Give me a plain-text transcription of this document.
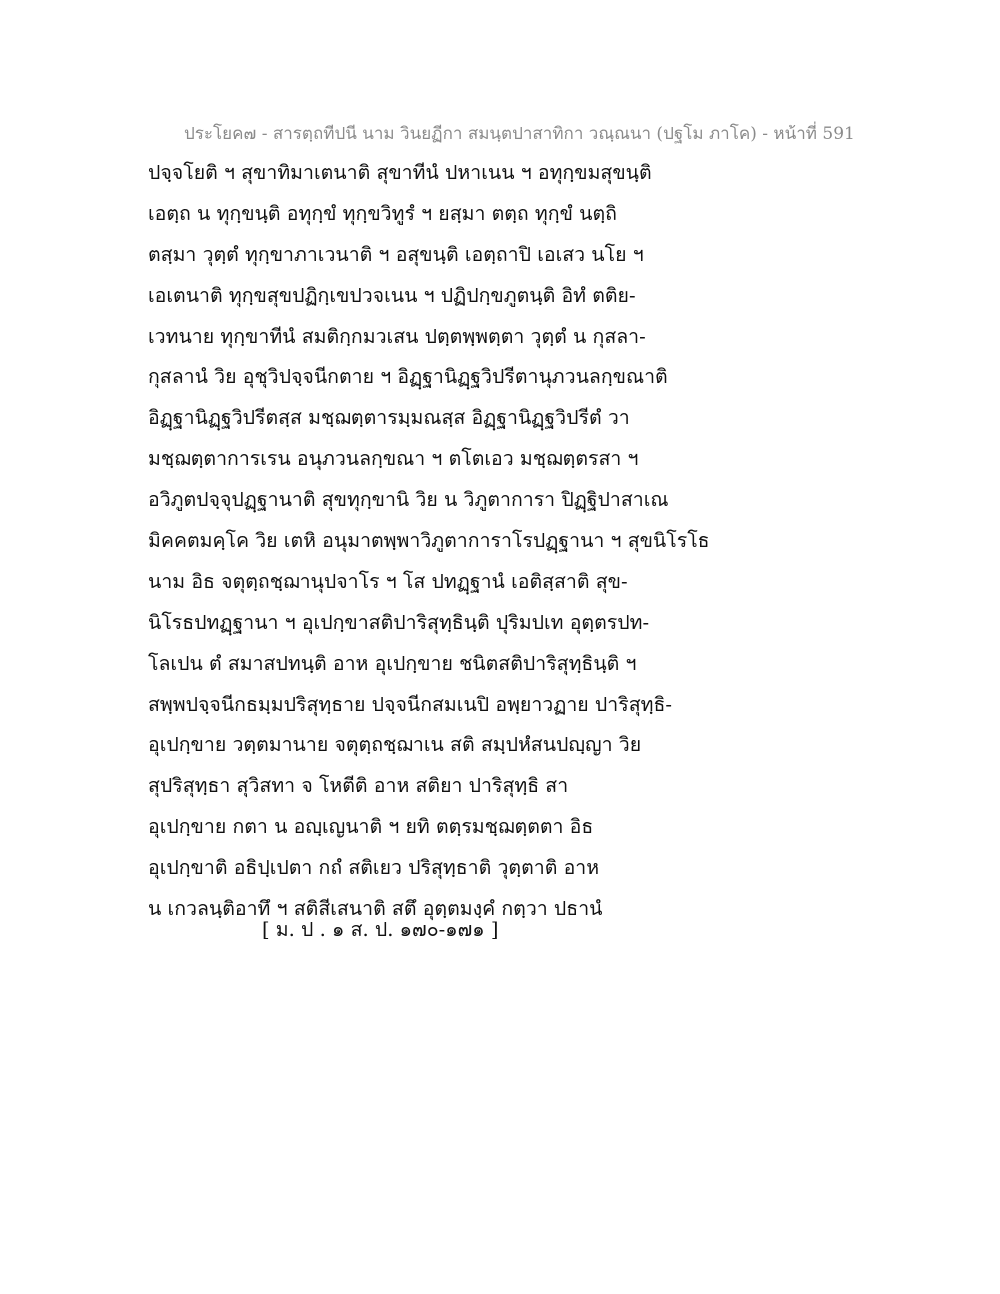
ประโยค๗ - สารตฺถทีปนี นาม วินยฏีกา สมนฺตปาสาทิกา วณฺณนา (ปฐโม ภาโค) - หน้าที่ 591
ปจฺจโยติ ฯ สุขาทิมาเตนาติ สุขาทีนํ ปหาเนน ฯ อทุกฺขมสุขนฺติ
เอตฺถ น ทุกฺขนฺติ อทุกฺขํ ทุกฺขวิทูรํ ฯ ยสฺมา ตตฺถ ทุกฺขํ นตฺถิ
ตสฺมา วุตฺตํ ทุกฺขาภาเวนาติ ฯ อสุขนฺติ เอตฺถาปิ เอเสว นโย ฯ
เอเตนาติ ทุกฺขสุขปฏิกฺเขปวจเนน ฯ ปฏิปกฺขภูตนฺติ อิทํ ตติย-
เวทนาย ทุกฺขาทีนํ สมติกฺกมวเสน ปตฺตพฺพตฺตา วุตฺตํ น กุสลา-
กุสลานํ วิย อุชุวิปจฺจนีกตาย ฯ อิฏฺฐานิฏฺฐวิปรีตานุภวนลกฺขณาติ
อิฏฺฐานิฏฺฐวิปรีตสฺส มชฺฌตฺตารมฺมณสฺส อิฏฺฐานิฏฺฐวิปรีตํ วา
มชฺฌตฺตาการเรน อนุภวนลกฺขณา ฯ ตโตเอว มชฺฌตฺตรสา ฯ
อวิภูตปจฺจุปฏฺฐานาติ สุขทุกฺขานิ วิย น วิภูตาการา ปิฏฺฐิปาสาเณ
มิคคตมคฺโค วิย เตหิ อนุมาตพฺพาวิภูตาการาโรปฏฺฐานา ฯ สุขนิโรโธ
นาม อิธ จตุตฺถชฺฌานุปจาโร ฯ โส ปทฏฺฐานํ เอติสฺสาติ สุข-
นิโรธปทฏฺฐานา ฯ อุเปกฺขาสติปาริสุทฺธินฺติ ปุริมปเท อุตฺตรปท-
โลเปน ตํ สมาสปทนฺติ อาห อุเปกฺขาย ชนิตสติปาริสุทฺธินฺติ ฯ
สพฺพปจฺจนีกธมฺมปริสุทฺธาย ปจฺจนีกสมเนปิ อพฺยาวฏาย ปาริสุทฺธิ-
อุเปกฺขาย วตฺตมานาย จตุตฺถชฺฌาเน สติ สมฺปหํสนปญฺญา วิย
สุปริสุทฺธา สุวิสทา จ โหตีติ อาห สติยา ปาริสุทฺธิ สา
อุเปกฺขาย กตา น อญฺเญนาติ ฯ ยทิ ตตฺรมชฺฌตฺตตา อิธ
อุเปกฺขาติ อธิปฺเปตา กถํ สติเยว ปริสุทฺธาติ วุตฺตาติ อาห
น เกวลนฺติอาทึ ฯ สติสีเสนาติ สตึ อุตฺตมงฺคํ กตฺวา ปธานํ
[ ม. ป . ๑ ส. ป. ๑๗๐-๑๗๑ ]
